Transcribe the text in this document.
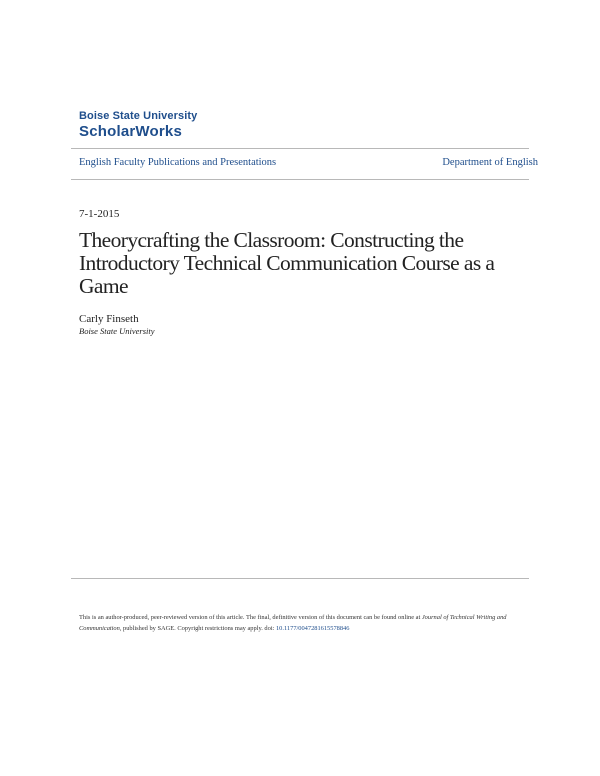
Boise State University
ScholarWorks
English Faculty Publications and Presentations	Department of English
7-1-2015
Theorycrafting the Classroom: Constructing the Introductory Technical Communication Course as a Game
Carly Finseth
Boise State University

This is an author-produced, peer-reviewed version of this article. The final, definitive version of this document can be found online at Journal of Technical Writing and Communication, published by SAGE. Copyright restrictions may apply. doi: 10.1177/0047281615578846
